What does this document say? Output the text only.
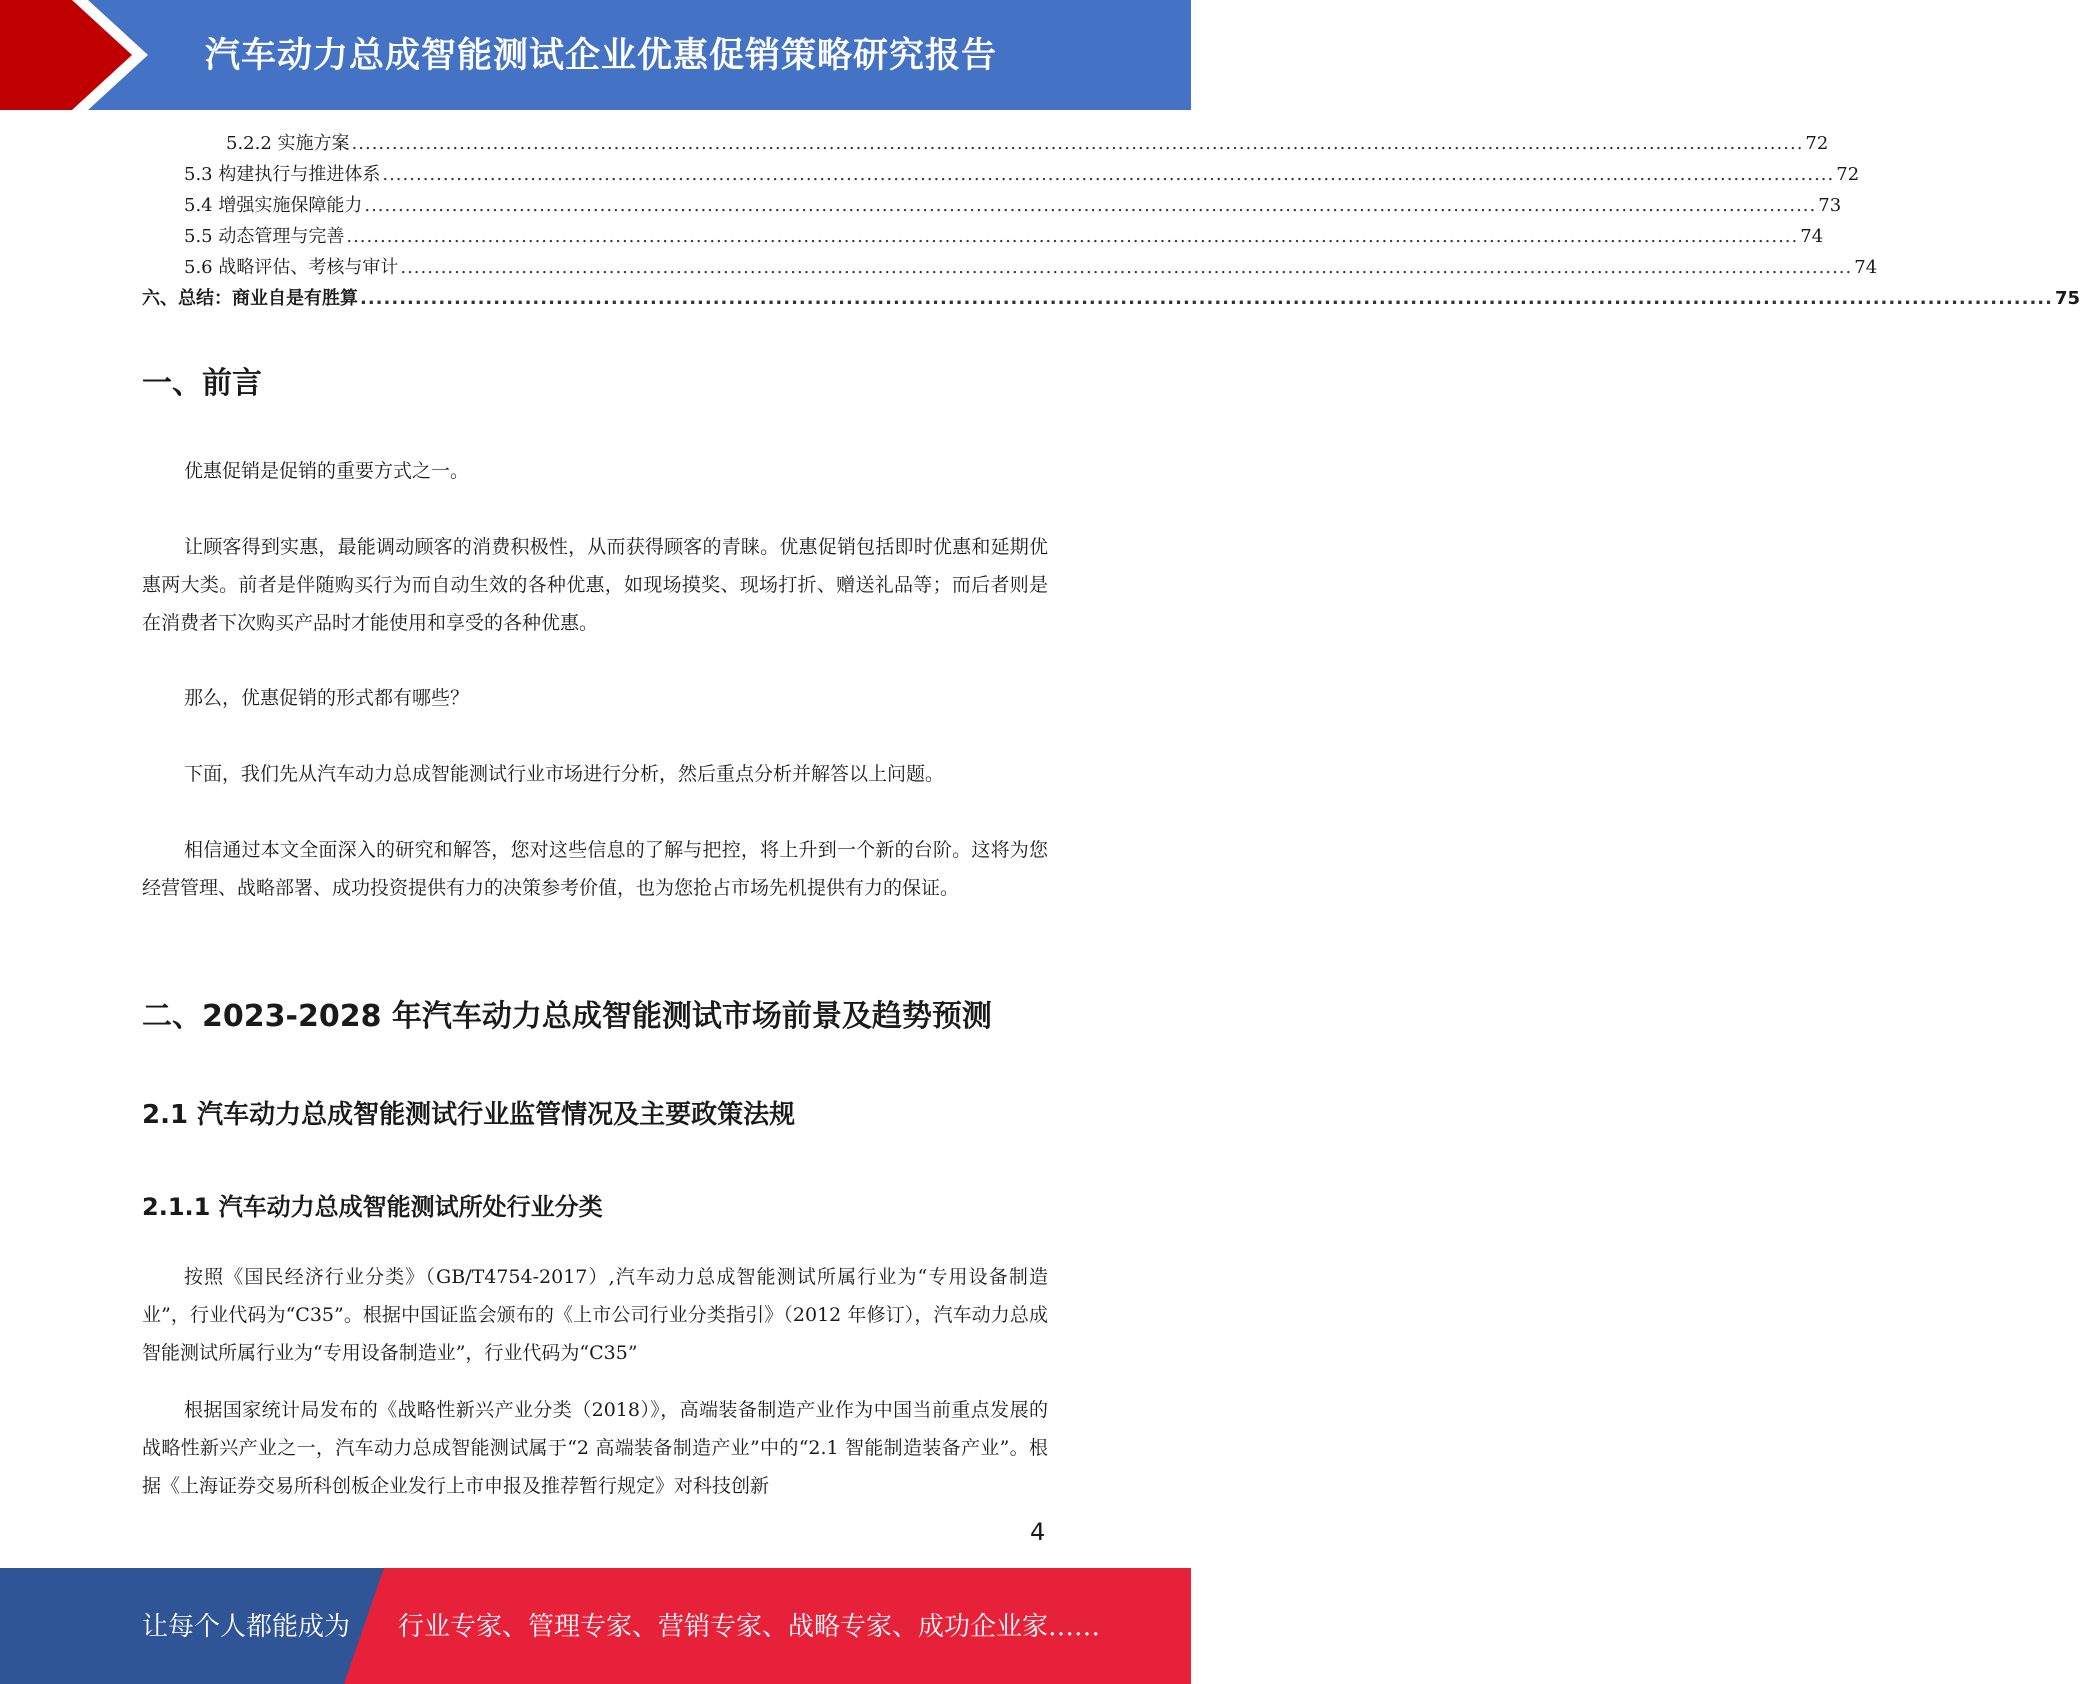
汽车动力总成智能测试企业优惠促销策略研究报告
5.2.2 实施方案 ........................................................................................................................................................................................................................ 72
5.3 构建执行与推进体系 ........................................................................................................................................................................................................................ 72
5.4 增强实施保障能力 ........................................................................................................................................................................................................................ 73
5.5 动态管理与完善 ........................................................................................................................................................................................................................ 74
5.6 战略评估、考核与审计 ........................................................................................................................................................................................................................ 74
六、总结：商业自是有胜算 ........................................................................................................................................................................................................................ 75
一、前言

优惠促销是促销的重要方式之一。

让顾客得到实惠，最能调动顾客的消费积极性，从而获得顾客的青睐。优惠促销包括即时优惠和延期优惠两大类。前者是伴随购买行为而自动生效的各种优惠，如现场摸奖、现场打折、赠送礼品等；而后者则是在消费者下次购买产品时才能使用和享受的各种优惠。

那么，优惠促销的形式都有哪些？

下面，我们先从汽车动力总成智能测试行业市场进行分析，然后重点分析并解答以上问题。

相信通过本文全面深入的研究和解答，您对这些信息的了解与把控，将上升到一个新的台阶。这将为您经营管理、战略部署、成功投资提供有力的决策参考价值，也为您抢占市场先机提供有力的保证。

二、2023-2028 年汽车动力总成智能测试市场前景及趋势预测
2.1 汽车动力总成智能测试行业监管情况及主要政策法规
2.1.1 汽车动力总成智能测试所处行业分类

按照《国民经济行业分类》（GB/T4754-2017）,汽车动力总成智能测试所属行业为“专用设备制造业”，行业代码为“C35”。根据中国证监会颁布的《上市公司行业分类指引》（2012 年修订），汽车动力总成智能测试所属行业为“专用设备制造业”，行业代码为“C35”

根据国家统计局发布的《战略性新兴产业分类（2018）》，高端装备制造产业作为中国当前重点发展的战略性新兴产业之一，汽车动力总成智能测试属于“2 高端装备制造产业”中的“2.1 智能制造装备产业”。根据《上海证券交易所科创板企业发行上市申报及推荐暂行规定》对科技创新

4
让每个人都能成为 行业专家、管理专家、营销专家、战略专家、成功企业家……
